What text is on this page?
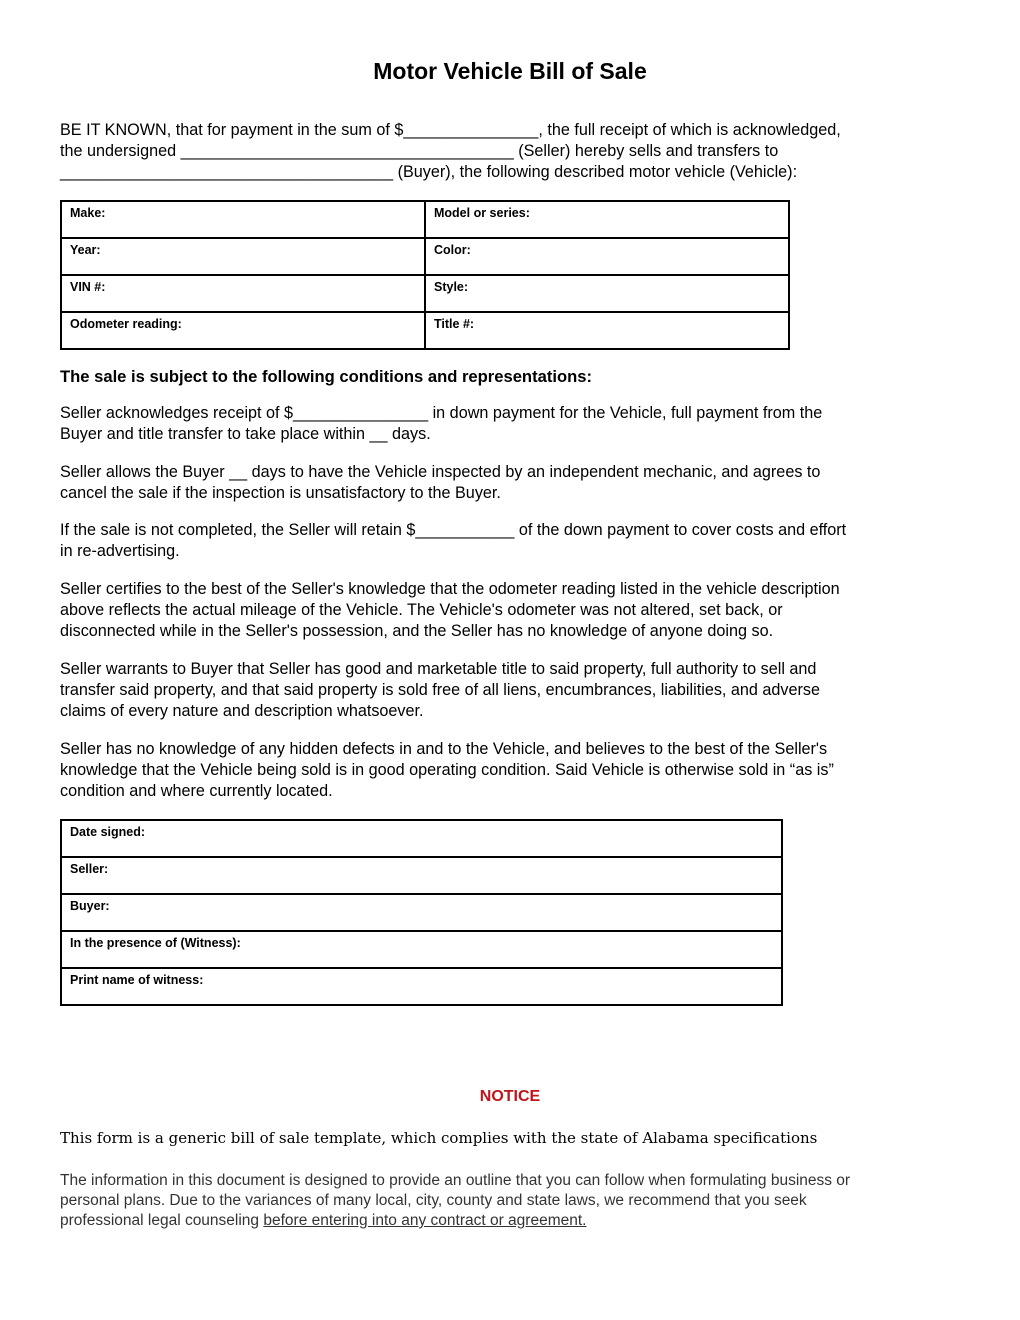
Motor Vehicle Bill of Sale
BE IT KNOWN, that for payment in the sum of $_______________, the full receipt of which is acknowledged,
the undersigned _____________________________________ (Seller) hereby sells and transfers to
_____________________________________ (Buyer), the following described motor vehicle (Vehicle):
Make:	Model or series:
Year:	Color:
VIN #:	Style:
Odometer reading:	Title #:
The sale is subject to the following conditions and representations:
Seller acknowledges receipt of $_______________ in down payment for the Vehicle, full payment from the
Buyer and title transfer to take place within __ days.
Seller allows the Buyer __ days to have the Vehicle inspected by an independent mechanic, and agrees to
cancel the sale if the inspection is unsatisfactory to the Buyer.
If the sale is not completed, the Seller will retain $___________ of the down payment to cover costs and effort
in re-advertising.
Seller certifies to the best of the Seller's knowledge that the odometer reading listed in the vehicle description
above reflects the actual mileage of the Vehicle. The Vehicle's odometer was not altered, set back, or
disconnected while in the Seller's possession, and the Seller has no knowledge of anyone doing so.
Seller warrants to Buyer that Seller has good and marketable title to said property, full authority to sell and
transfer said property, and that said property is sold free of all liens, encumbrances, liabilities, and adverse
claims of every nature and description whatsoever.
Seller has no knowledge of any hidden defects in and to the Vehicle, and believes to the best of the Seller's
knowledge that the Vehicle being sold is in good operating condition. Said Vehicle is otherwise sold in “as is”
condition and where currently located.
Date signed:
Seller:
Buyer:
In the presence of (Witness):
Print name of witness:
NOTICE
This form is a generic bill of sale template, which complies with the state of Alabama specifications
The information in this document is designed to provide an outline that you can follow when formulating business or
personal plans. Due to the variances of many local, city, county and state laws, we recommend that you seek
professional legal counseling before entering into any contract or agreement.
